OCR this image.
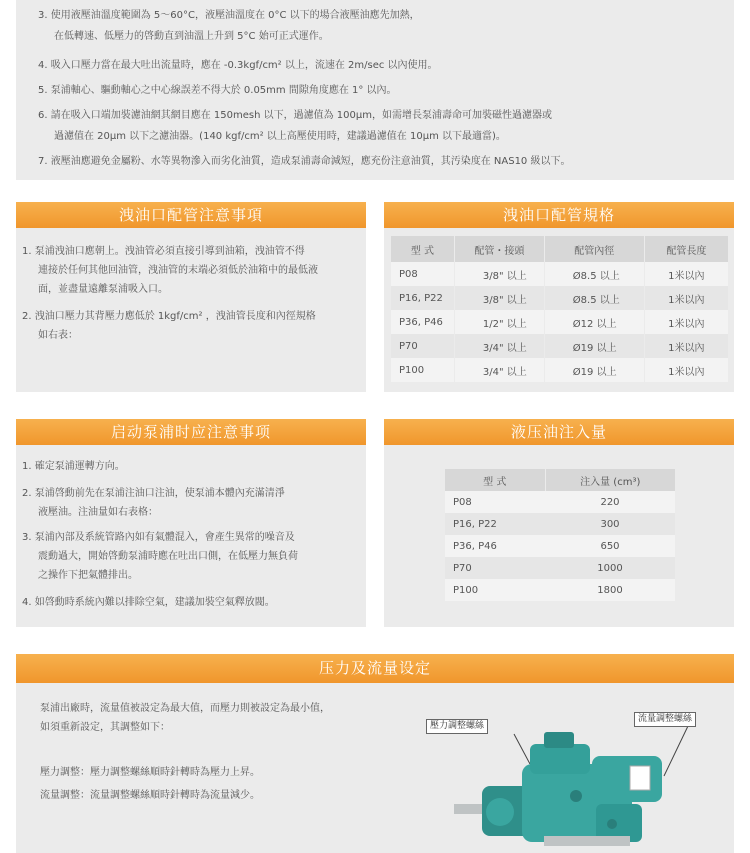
3. 使用液壓油溫度範圍為 5～60°C，液壓油溫度在 0°C 以下的場合液壓油應先加熱，
在低轉速、低壓力的啓動直到油溫上升到 5°C 始可正式運作。
4. 吸入口壓力當在最大吐出流量時，應在 -0.3kgf/cm² 以上，流速在 2m/sec 以內使用。
5. 泵浦軸心、驅動軸心之中心線誤差不得大於 0.05mm 間隙角度應在 1° 以內。
6. 請在吸入口端加裝濾油網其網目應在 150mesh 以下，過濾值為 100μm，如需增長泵浦壽命可加裝磁性過濾器或
過濾值在 20μm 以下之濾油器。(140 kgf/cm² 以上高壓使用時，建議過濾值在 10μm 以下最適當)。
7. 液壓油應避免金屬粉、水等異物滲入而劣化油質，造成泵浦壽命減短，應充份注意油質，其汚染度在 NAS10 級以下。
洩油口配管注意事項
1. 泵浦洩油口應朝上。洩油管必須直接引導到油箱，洩油管不得
連接於任何其他回油管，洩油管的末端必須低於油箱中的最低液
面，並盡量遠離泵浦吸入口。
2. 洩油口壓力其背壓力應低於 1kgf/cm² ，洩油管長度和內徑規格
如右表：
洩油口配管規格
型 式	配管・接頭	配管內徑	配管長度
P08	3/8" 以上	Ø8.5 以上	1米以內
P16, P22	3/8" 以上	Ø8.5 以上	1米以內
P36, P46	1/2" 以上	Ø12 以上	1米以內
P70	3/4" 以上	Ø19 以上	1米以內
P100	3/4" 以上	Ø19 以上	1米以內
启动泵浦时应注意事项
1. 確定泵浦運轉方向。
2. 泵浦啓動前先在泵浦注油口注油，使泵浦本體內充滿清淨
液壓油。注油量如右表格：
3. 泵浦內部及系統管路內如有氣體混入，會產生異常的噪音及
震動過大，開始啓動泵浦時應在吐出口側，在低壓力無負荷
之操作下把氣體排出。
4. 如啓動時系統內難以排除空氣，建議加裝空氣釋放閥。
液压油注入量
型 式	注入量 (cm³)
P08	220
P16, P22	300
P36, P46	650
P70	1000
P100	1800
压力及流量设定
泵浦出廠時，流量值被設定為最大值，而壓力則被設定為最小值，
如須重新設定，其調整如下：
壓力調整：壓力調整螺絲順時針轉時為壓力上昇。
流量調整：流量調整螺絲順時針轉時為流量減少。
壓力調整螺絲
流量調整螺絲
